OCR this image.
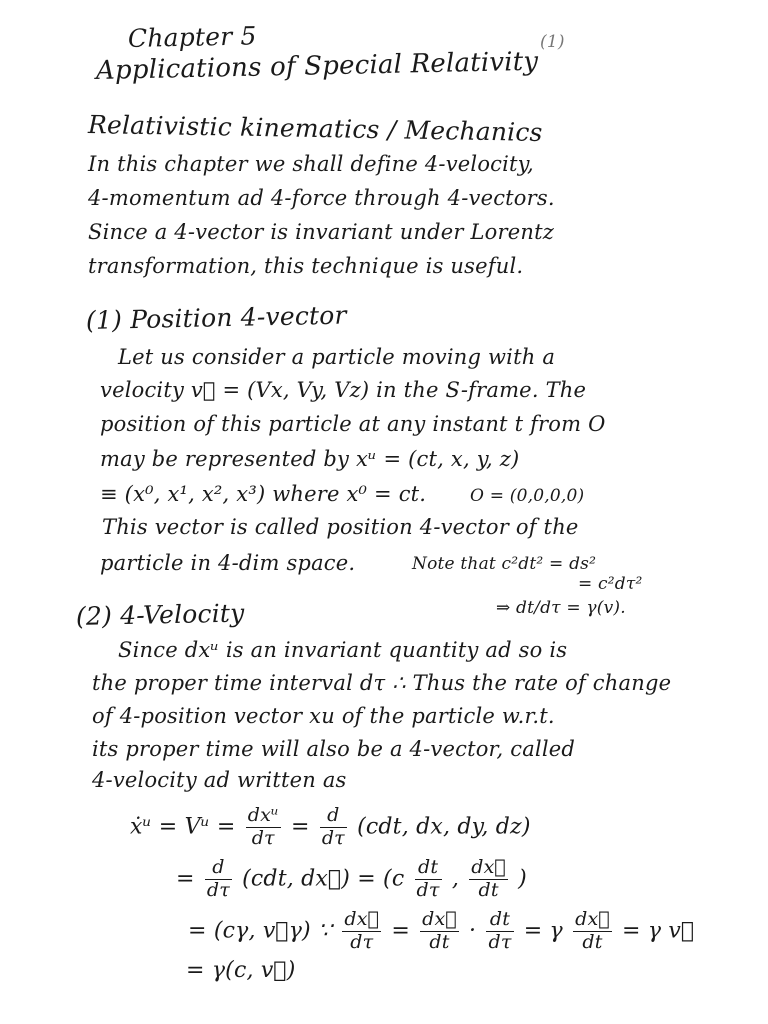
Chapter 5	(1)
Applications of Special Relativity
Relativistic kinematics / Mechanics
In this chapter we shall define 4-velocity,
4-momentum ad 4-force through 4-vectors.
Since a 4-vector is invariant under Lorentz
transformation, this technique is useful.
(1) Position 4-vector
Let us consider a particle moving with a
velocity v⃗ = (Vx, Vy, Vz) in the S-frame. The
position of this particle at any instant t from O
may be represented by xᵘ = (ct, x, y, z)
≡ (x⁰, x¹, x², x³) where x⁰ = ct.	O = (0,0,0,0)
This vector is called position 4-vector of the
particle in 4-dim space.	Note that c²dt² = ds²
= c²dτ²
⇒ dt/dτ = γ(v).
(2) 4-Velocity
Since dxᵘ is an invariant quantity ad so is
the proper time interval dτ ∴ Thus the rate of change
of 4-position vector xu of the particle w.r.t.
its proper time will also be a 4-vector, called
4-velocity ad written as
ẋᵘ = Vᵘ = $\frac{\text{dxᵘ}}{d\tau} = \frac{d}{d\tau} (cdt$, dx, dy, dz)
= $\frac{d}{d\tau} (cdt$, dx⃗) = ($c \frac{dt}{d\tau}$ , $\frac{dx⃗}{dt}$ )
= (cγ, v⃗γ) ∵ $\frac{dx⃗}{d\tau} = \frac{dx⃗}{dt} \cdot \frac{dt}{d\tau} = \gamma \frac{dx⃗}{dt} = \gamma$ v⃗
= γ(c, v⃗)
